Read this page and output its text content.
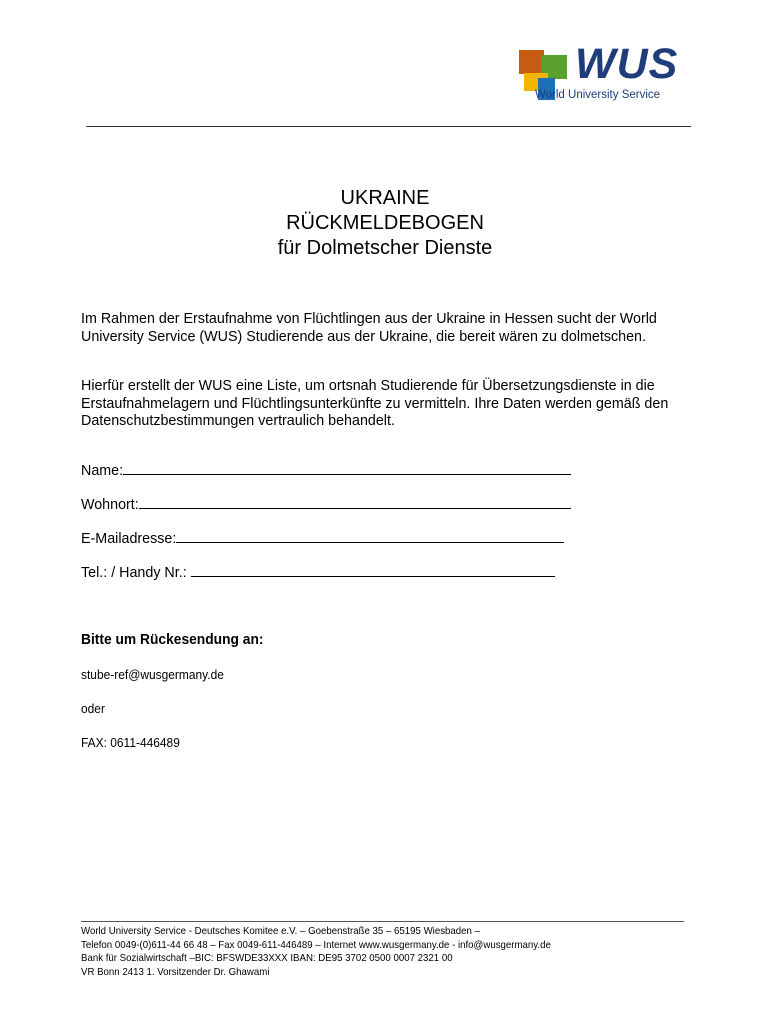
WUS
World University Service
UKRAINE
RÜCKMELDEBOGEN
für Dolmetscher Dienste
Im Rahmen der Erstaufnahme von Flüchtlingen aus der Ukraine in Hessen sucht der World University Service (WUS) Studierende aus der Ukraine, die bereit wären zu dolmetschen.
Hierfür erstellt der WUS eine Liste, um ortsnah Studierende für Übersetzungsdienste in die Erstaufnahmelagern und Flüchtlingsunterkünfte zu vermitteln. Ihre Daten werden gemäß den Datenschutzbestimmungen vertraulich behandelt.
Name:
Wohnort:
E-Mailadresse:
Tel.: / Handy Nr.:
Bitte um Rückesendung an:
stube-ref@wusgermany.de
oder
FAX: 0611-446489
World University Service - Deutsches Komitee e.V. – Goebenstraße 35 – 65195 Wiesbaden –
Telefon 0049-(0)611-44 66 48 – Fax 0049-611-446489 – Internet www.wusgermany.de - info@wusgermany.de
Bank für Sozialwirtschaft –BIC: BFSWDE33XXX IBAN: DE95 3702 0500 0007 2321 00
VR Bonn 2413 1. Vorsitzender Dr. Ghawami
